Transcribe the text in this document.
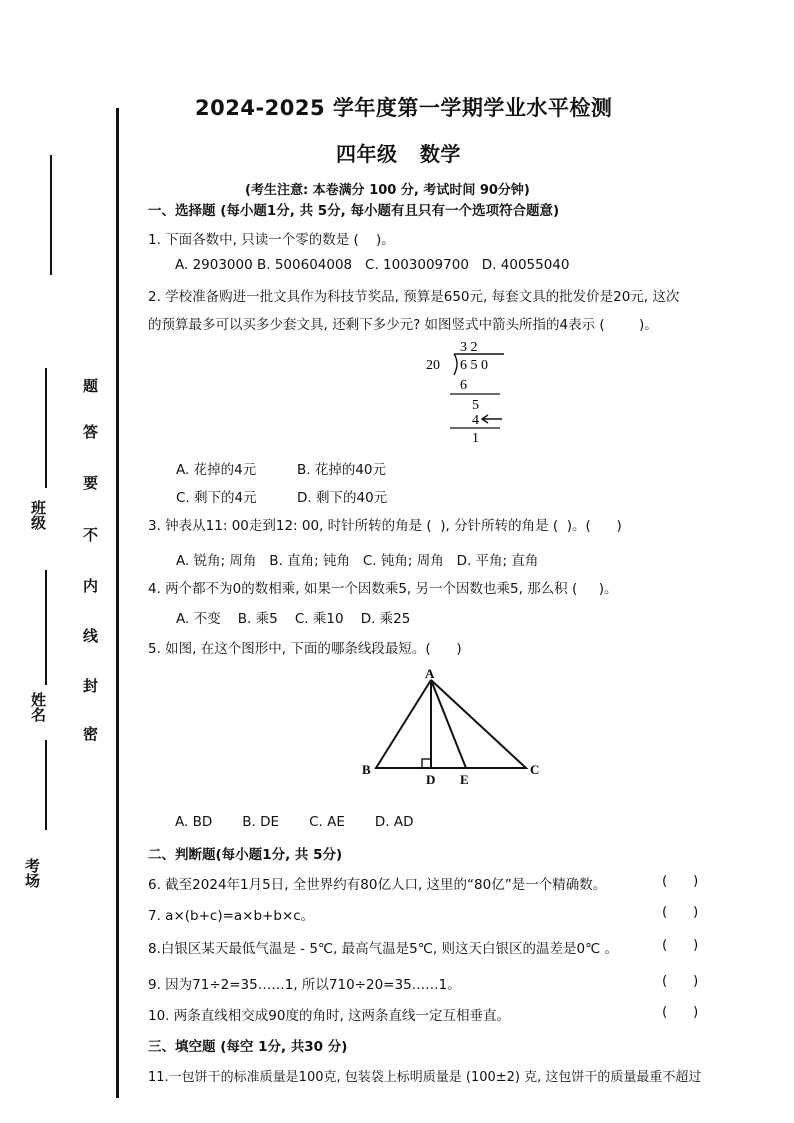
班级
姓名
考场
题
答
要
不
内
线
封
密
2024-2025 学年度第一学期学业水平检测
四年级   数学
(考生注意: 本卷满分 100 分, 考试时间 90分钟)
一、选择题 (每小题1分, 共 5分, 每小题有且只有一个选项符合题意)
1. 下面各数中, 只读一个零的数是 (    )。
A. 2903000 B. 500604008   C. 1003009700   D. 40055040
2. 学校准备购进一批文具作为科技节奖品, 预算是650元, 每套文具的批发价是20元, 这次
的预算最多可以买多少套文具, 还剩下多少元? 如图竖式中箭头所指的4表示 (        )。
3 2
20 6 5 0
6
5
4
1
A. 花掉的4元	B. 花掉的40元
C. 剩下的4元	D. 剩下的40元
3. 钟表从11: 00走到12: 00, 时针所转的角是 (  ), 分针所转的角是 (  )。(      )
A. 锐角; 周角   B. 直角; 钝角   C. 钝角; 周角   D. 平角; 直角
4. 两个都不为0的数相乘, 如果一个因数乘5, 另一个因数也乘5, 那么积 (     )。
A. 不变    B. 乘5    C. 乘10    D. 乘25
5. 如图, 在这个图形中, 下面的哪条线段最短。(      )
A
B	C
D E
A. BD       B. DE       C. AE       D. AD
二、判断题(每小题1分, 共 5分)
6. 截至2024年1月5日, 全世界约有80亿人口, 这里的“80亿”是一个精确数。	(      )
7. a×(b+c)=a×b+b×c。	(      )
8.白银区某天最低气温是 - 5℃, 最高气温是5℃, 则这天白银区的温差是0℃ 。	(      )
9. 因为71÷2=35……1, 所以710÷20=35……1。	(      )
10. 两条直线相交成90度的角时, 这两条直线一定互相垂直。	(      )
三、填空题 (每空 1分, 共30 分)
11.一包饼干的标准质量是100克, 包装袋上标明质量是 (100±2) 克, 这包饼干的质量最重不超过
